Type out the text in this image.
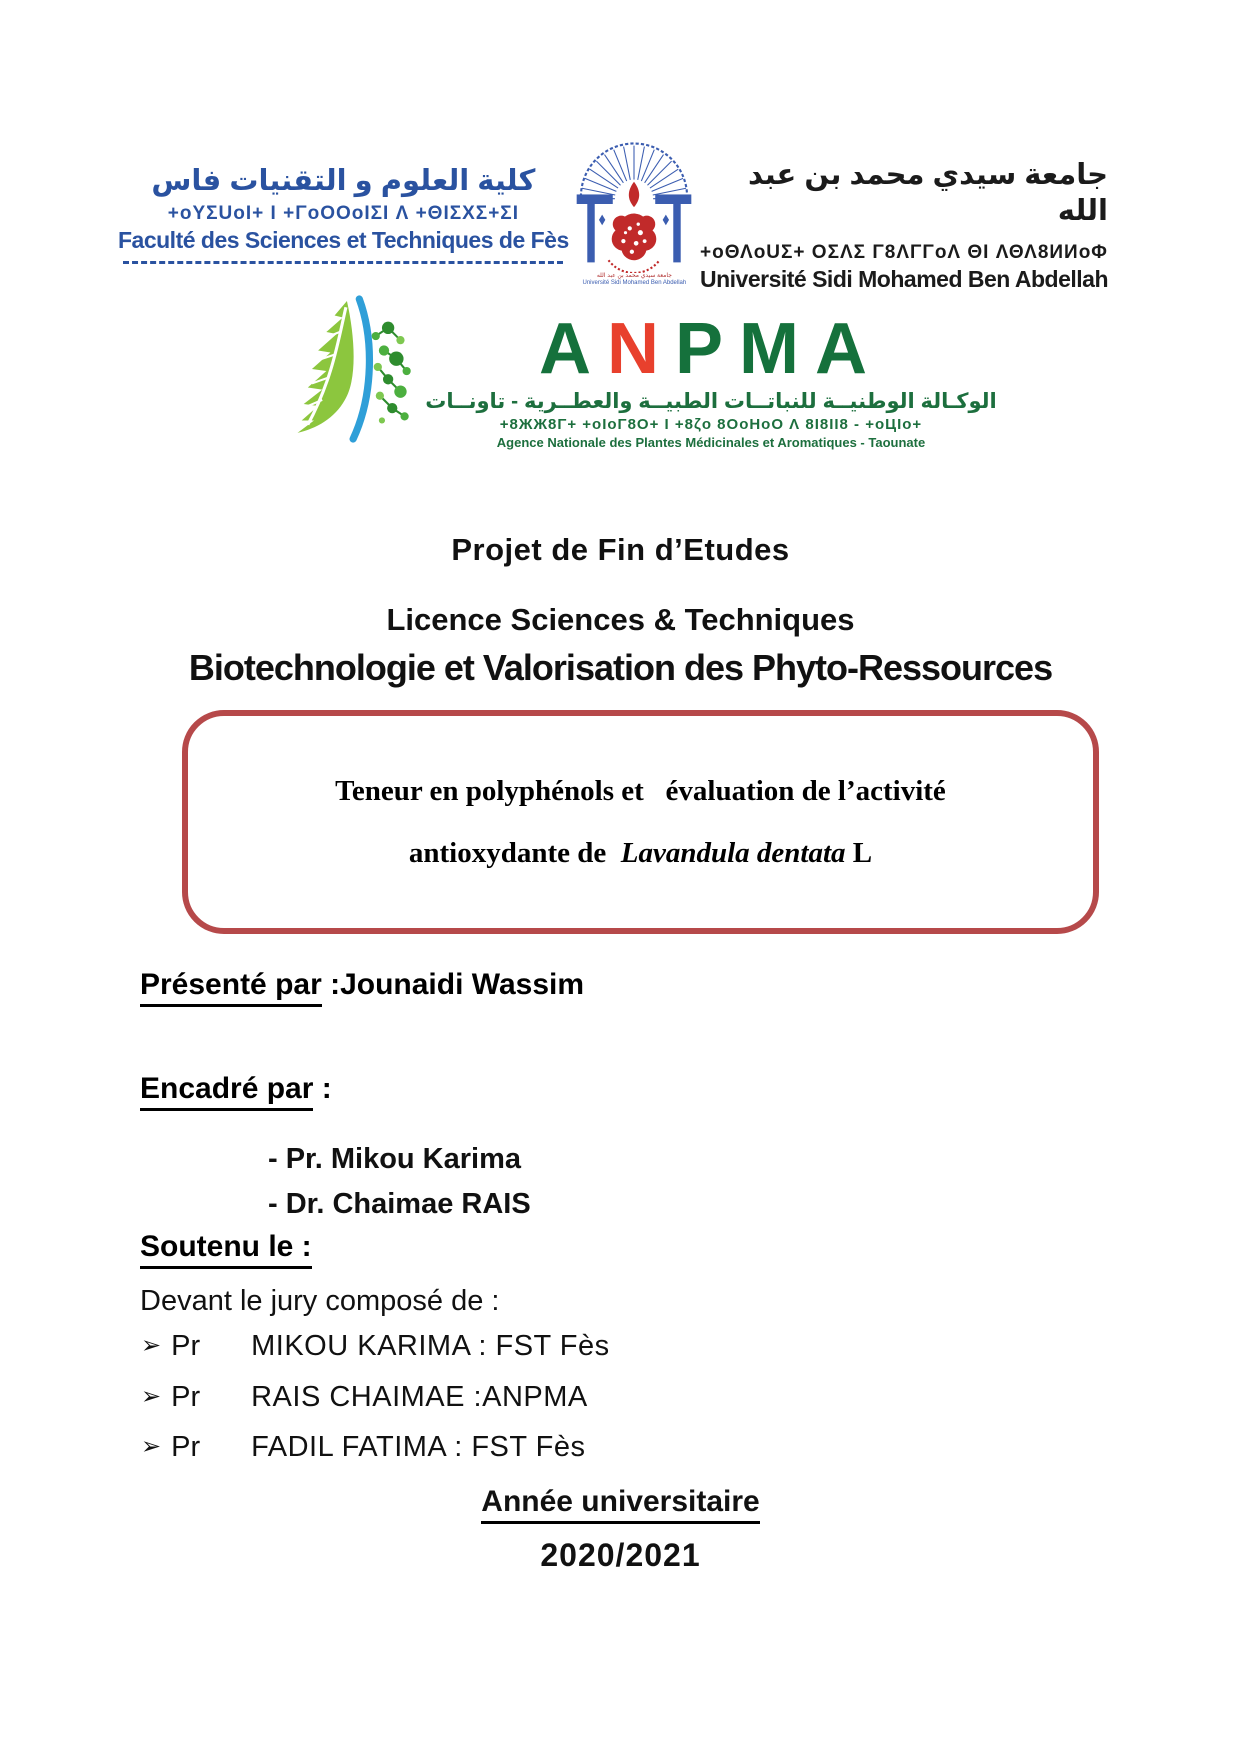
كلية العلوم و التقنيات فاس
+oYΣUoI+ I +ΓoOOoIΣI Λ +ΘIΣXΣ+ΣI
Faculté des Sciences et Techniques de Fès
جامعة سيدي محمد بن عبد الله
Université Sidi Mohamed Ben Abdellah
جامعة سيدي محمد بن عبد الله
+oΘΛoUΣ+ OΣΛΣ Γ8ΛΓΓoΛ ΘI ΛΘΛ8ИИoΦ
Université Sidi Mohamed Ben Abdellah
ANPMA
الوكـالة الوطنيــة للنباتــات الطبيــة والعطــرية - تاونــات
+8ЖЖ8Γ+ +oIoΓ8O+ I +8ζo 8OoHoO Λ 8I8II8 - +oЦIo+
Agence Nationale des Plantes Médicinales et Aromatiques - Taounate
Projet de Fin d’Etudes
Licence Sciences & Techniques
Biotechnologie et Valorisation des Phyto-Ressources
Teneur en polyphénols et   évaluation de l’activité
antioxydante de  Lavandula dentata L
Présenté par :Jounaidi Wassim
Encadré par :
- Pr. Mikou Karima
- Dr. Chaimae RAIS
Soutenu le :
Devant le jury composé de :
➢ Pr	MIKOU KARIMA : FST Fès
➢ Pr	RAIS CHAIMAE :ANPMA
➢ Pr	FADIL FATIMA : FST Fès
Année universitaire
2020/2021
